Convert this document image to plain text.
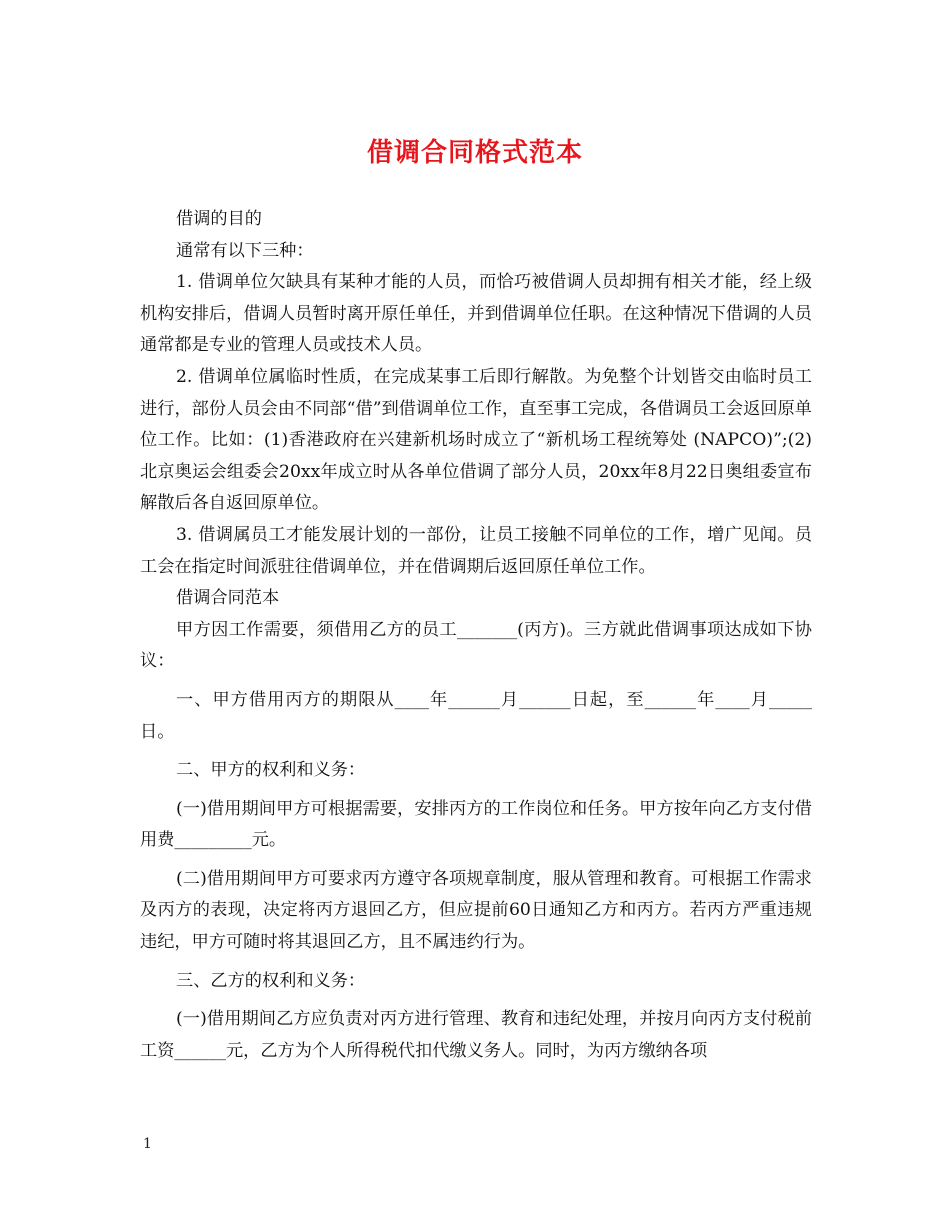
借调合同格式范本

借调的目的

通常有以下三种：

1. 借调单位欠缺具有某种才能的人员，而恰巧被借调人员却拥有相关才能，经上级机构安排后，借调人员暂时离开原任单任，并到借调单位任职。在这种情况下借调的人员通常都是专业的管理人员或技术人员。

2. 借调单位属临时性质，在完成某事工后即行解散。为免整个计划皆交由临时员工进行，部份人员会由不同部“借”到借调单位工作，直至事工完成，各借调员工会返回原单位工作。比如：(1)香港政府在兴建新机场时成立了“新机场工程统筹处 (NAPCO)”;(2)北京奥运会组委会20xx年成立时从各单位借调了部分人员，20xx年8月22日奥组委宣布解散后各自返回原单位。

3. 借调属员工才能发展计划的一部份，让员工接触不同单位的工作，增广见闻。员工会在指定时间派驻往借调单位，并在借调期后返回原任单位工作。

借调合同范本

甲方因工作需要，须借用乙方的员工_______(丙方)。三方就此借调事项达成如下协议：

一、甲方借用丙方的期限从____年______月______日起，至______年____月_____日。

二、甲方的权利和义务：

(一)借用期间甲方可根据需要，安排丙方的工作岗位和任务。甲方按年向乙方支付借用费_________元。

(二)借用期间甲方可要求丙方遵守各项规章制度，服从管理和教育。可根据工作需求及丙方的表现，决定将丙方退回乙方，但应提前60日通知乙方和丙方。若丙方严重违规违纪，甲方可随时将其退回乙方，且不属违约行为。

三、乙方的权利和义务：

(一)借用期间乙方应负责对丙方进行管理、教育和违纪处理，并按月向丙方支付税前工资______元，乙方为个人所得税代扣代缴义务人。同时，为丙方缴纳各项

1
